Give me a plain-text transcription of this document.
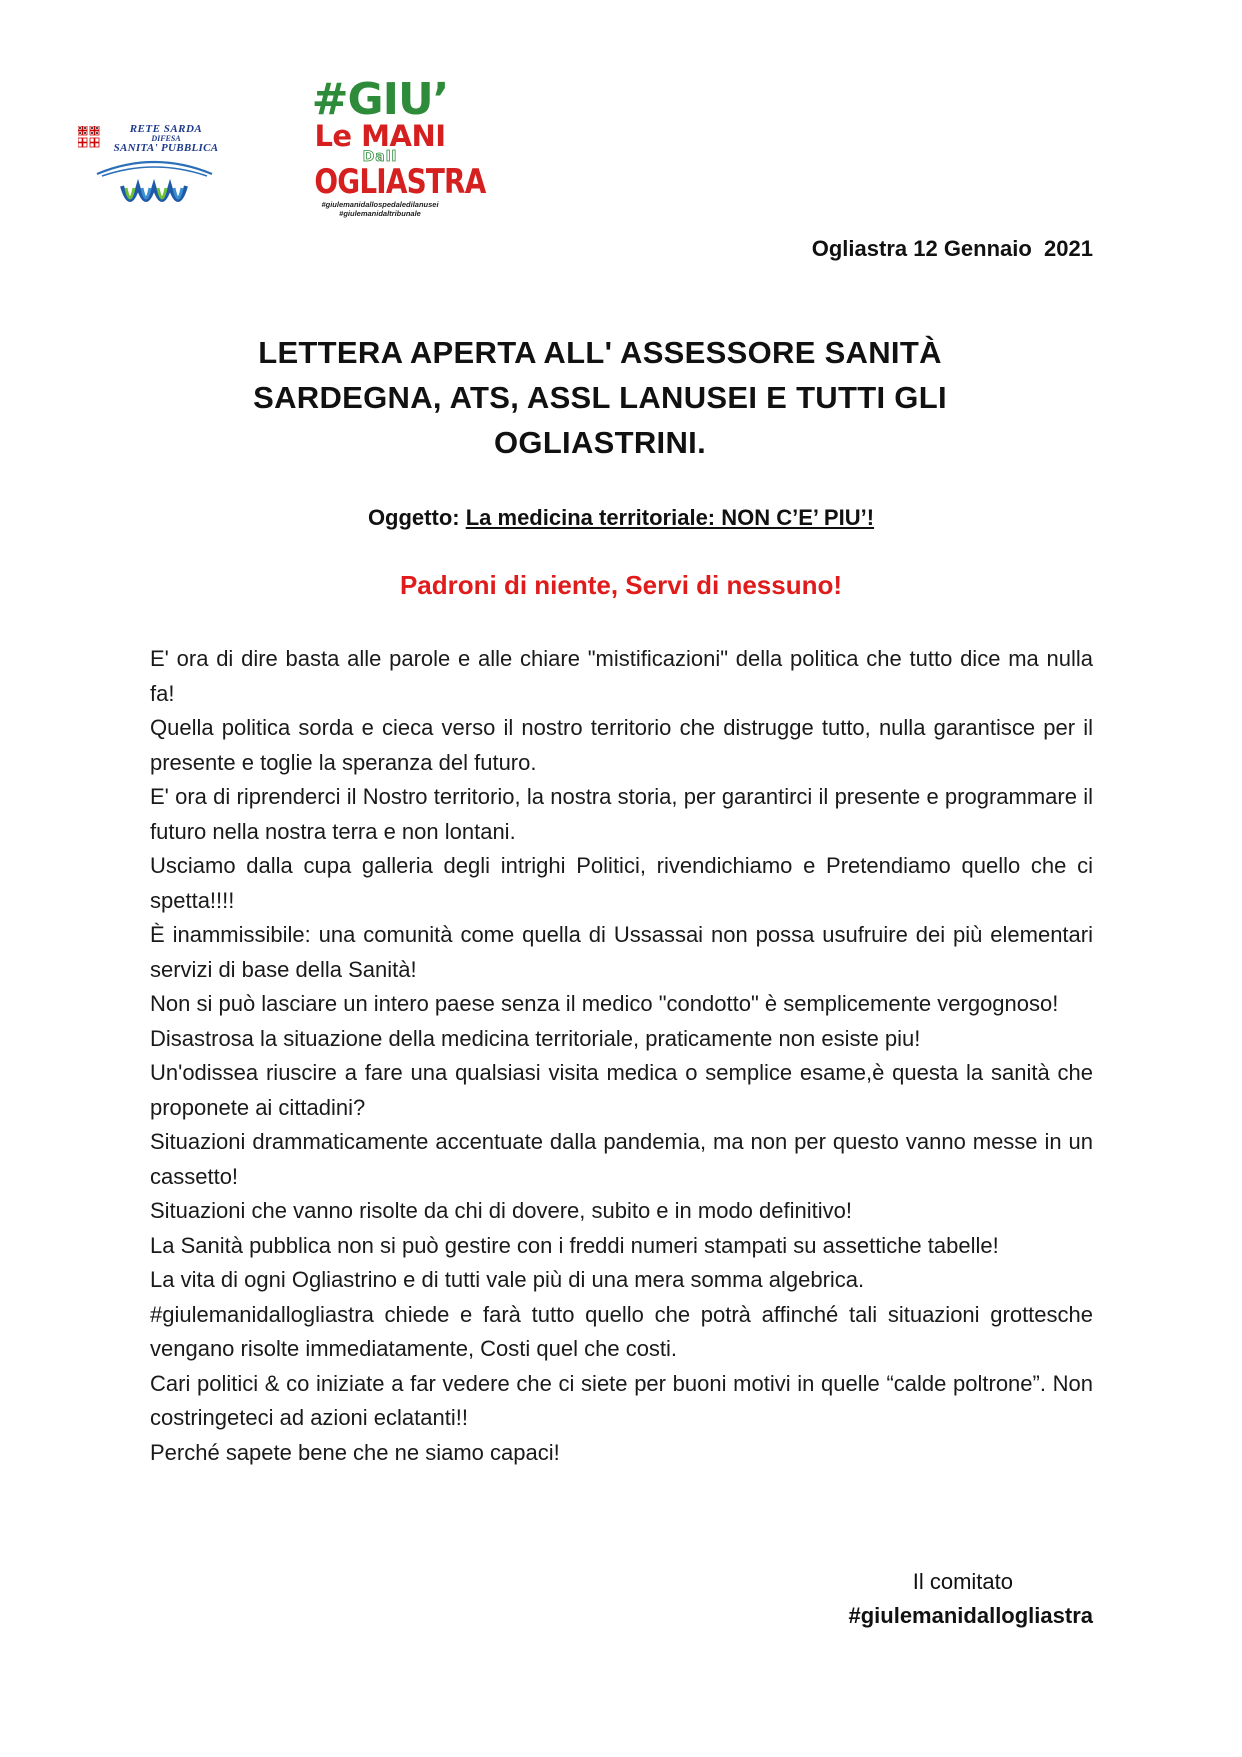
RETE SARDA
DIFESA
SANITA' PUBBLICA
#GIU’
Le MANI
Dall
OGLIASTRA
#giulemanidallospedaledilanusei
#giulemanidaltribunale
Ogliastra 12 Gennaio  2021
LETTERA APERTA ALL' ASSESSORE SANITÀ
SARDEGNA, ATS, ASSL LANUSEI E TUTTI GLI
OGLIASTRINI.
Oggetto: La medicina territoriale: NON C’E’ PIU’!
Padroni di niente, Servi di nessuno!

E' ora di dire basta alle parole e alle chiare "mistificazioni" della politica che tutto dice ma nulla fa!

Quella politica sorda e cieca verso il nostro territorio che distrugge tutto, nulla garantisce per il presente e toglie la speranza del futuro.

E' ora di riprenderci il Nostro territorio, la nostra storia, per garantirci il presente e programmare il futuro nella nostra terra e non lontani.

Usciamo dalla cupa galleria degli intrighi Politici, rivendichiamo e Pretendiamo quello che ci spetta!!!!

È inammissibile: una comunità come quella di Ussassai non possa usufruire dei più elementari servizi di base della Sanità!

Non si può lasciare un intero paese senza il medico "condotto" è semplicemente vergognoso!

Disastrosa la situazione della medicina territoriale, praticamente non esiste piu!

Un'odissea riuscire a fare una qualsiasi visita medica o semplice esame,è questa la sanità che proponete ai cittadini?

Situazioni drammaticamente accentuate dalla pandemia, ma non per questo vanno messe in un cassetto!

Situazioni che vanno risolte da chi di dovere, subito e in modo definitivo!

La Sanità pubblica non si può gestire con i freddi numeri stampati su assettiche tabelle!

La vita di ogni Ogliastrino e di tutti vale più di una mera somma algebrica.

#giulemanidallogliastra chiede e farà tutto quello che potrà affinché tali situazioni grottesche vengano risolte immediatamente, Costi quel che costi.

Cari politici & co iniziate a far vedere che ci siete per buoni motivi in quelle “calde poltrone”. Non costringeteci ad azioni eclatanti!!

Perché sapete bene che ne siamo capaci!

Il comitato
#giulemanidallogliastra
